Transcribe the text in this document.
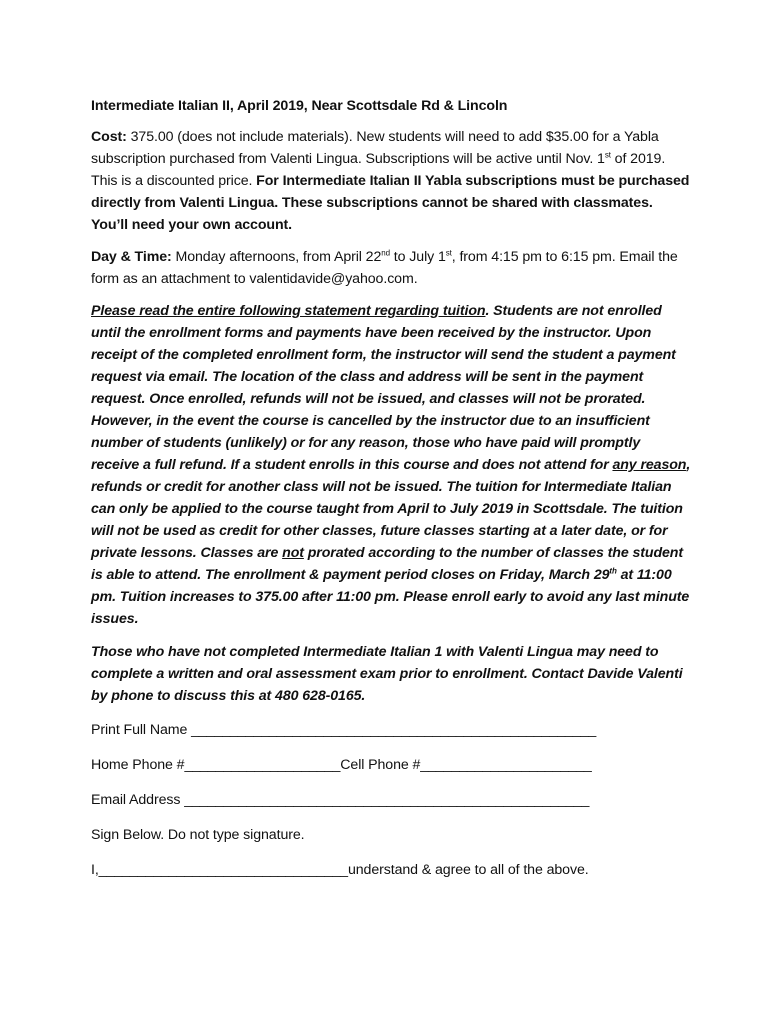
Intermediate Italian II, April 2019, Near Scottsdale Rd & Lincoln

Cost: 375.00 (does not include materials). New students will need to add $35.00 for a Yabla subscription purchased from Valenti Lingua. Subscriptions will be active until Nov. 1st of 2019. This is a discounted price. For Intermediate Italian II Yabla subscriptions must be purchased directly from Valenti Lingua. These subscriptions cannot be shared with classmates. You’ll need your own account.

Day & Time: Monday afternoons, from April 22nd to July 1st, from 4:15 pm to 6:15 pm. Email the form as an attachment to valentidavide@yahoo.com.

Please read the entire following statement regarding tuition. Students are not enrolled until the enrollment forms and payments have been received by the instructor. Upon receipt of the completed enrollment form, the instructor will send the student a payment request via email. The location of the class and address will be sent in the payment request. Once enrolled, refunds will not be issued, and classes will not be prorated. However, in the event the course is cancelled by the instructor due to an insufficient number of students (unlikely) or for any reason, those who have paid will promptly receive a full refund. If a student enrolls in this course and does not attend for any reason, refunds or credit for another class will not be issued. The tuition for Intermediate Italian can only be applied to the course taught from April to July 2019 in Scottsdale. The tuition will not be used as credit for other classes, future classes starting at a later date, or for private lessons. Classes are not prorated according to the number of classes the student is able to attend. The enrollment & payment period closes on Friday, March 29th at 11:00 pm. Tuition increases to 375.00 after 11:00 pm. Please enroll early to avoid any last minute issues.

Those who have not completed Intermediate Italian 1 with Valenti Lingua may need to complete a written and oral assessment exam prior to enrollment. Contact Davide Valenti by phone to discuss this at 480 628-0165.

Print Full Name ____________________________________________________

Home Phone #____________________Cell Phone #______________________

Email Address ____________________________________________________

Sign Below. Do not type signature.

I,________________________________understand & agree to all of the above.
